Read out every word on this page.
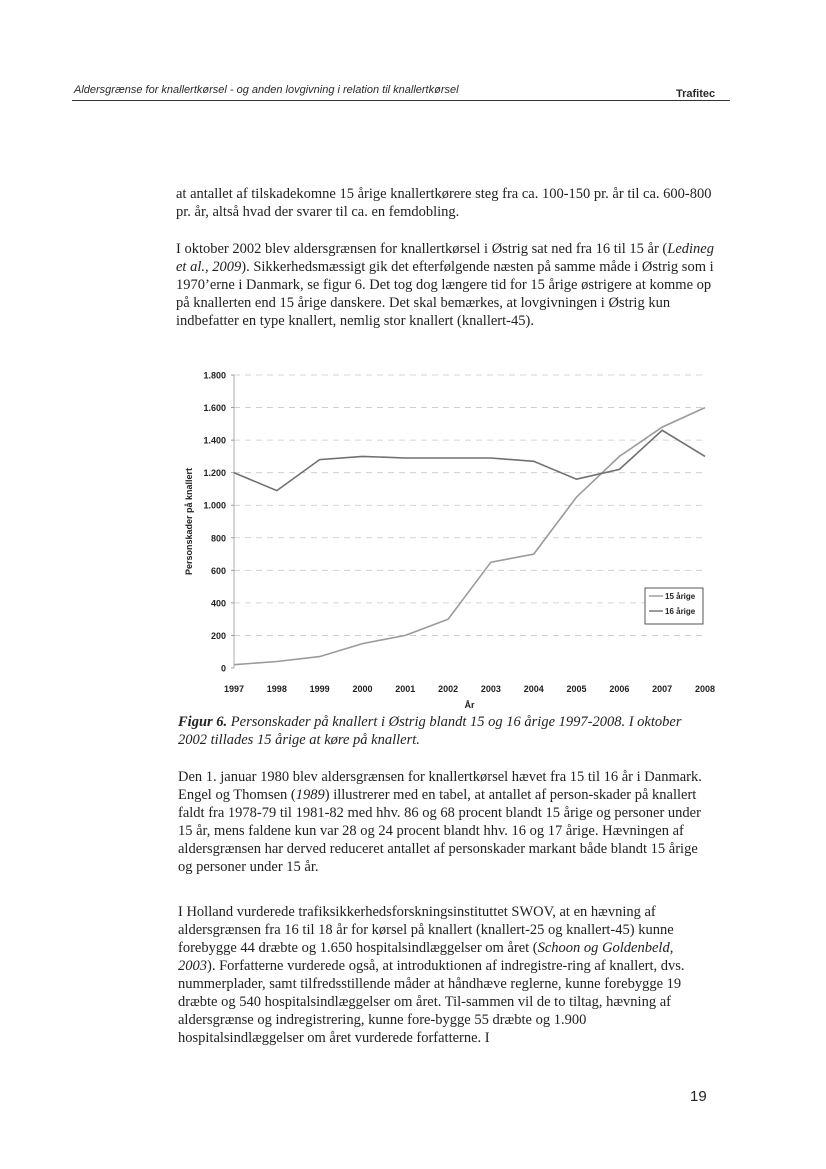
Aldersgrænse for knallertkørsel - og anden lovgivning i relation til knallertkørsel	Trafitec

at antallet af tilskadekomne 15 årige knallertkørere steg fra ca. 100-150 pr. år til ca. 600-800 pr. år, altså hvad der svarer til ca. en femdobling.

I oktober 2002 blev aldersgrænsen for knallertkørsel i Østrig sat ned fra 16 til 15 år (Ledineg et al., 2009). Sikkerhedsmæssigt gik det efterfølgende næsten på samme måde i Østrig som i 1970’erne i Danmark, se figur 6. Det tog dog længere tid for 15 årige østrigere at komme op på knallerten end 15 årige danskere. Det skal bemærkes, at lovgivningen i Østrig kun indbefatter en type knallert, nemlig stor knallert (knallert-45).

0
200
400
600
800
1.000
1.200
1.400
1.600
1.800
1997	1998	1999	2000	2001	2002	2003	2004	2005	2006	2007	2008
År
Personskader på knallert
15 årige
16 årige

Figur 6. Personskader på knallert i Østrig blandt 15 og 16 årige 1997-2008. I oktober 2002 tillades 15 årige at køre på knallert.

Den 1. januar 1980 blev aldersgrænsen for knallertkørsel hævet fra 15 til 16 år i Danmark. Engel og Thomsen (1989) illustrerer med en tabel, at antallet af person-skader på knallert faldt fra 1978-79 til 1981-82 med hhv. 86 og 68 procent blandt 15 årige og personer under 15 år, mens faldene kun var 28 og 24 procent blandt hhv. 16 og 17 årige. Hævningen af aldersgrænsen har derved reduceret antallet af personskader markant både blandt 15 årige og personer under 15 år.

I Holland vurderede trafiksikkerhedsforskningsinstituttet SWOV, at en hævning af aldersgrænsen fra 16 til 18 år for kørsel på knallert (knallert-25 og knallert-45) kunne forebygge 44 dræbte og 1.650 hospitalsindlæggelser om året (Schoon og Goldenbeld, 2003). Forfatterne vurderede også, at introduktionen af indregistre-ring af knallert, dvs. nummerplader, samt tilfredsstillende måder at håndhæve reglerne, kunne forebygge 19 dræbte og 540 hospitalsindlæggelser om året. Til-sammen vil de to tiltag, hævning af aldersgrænse og indregistrering, kunne fore-bygge 55 dræbte og 1.900 hospitalsindlæggelser om året vurderede forfatterne. I

19
